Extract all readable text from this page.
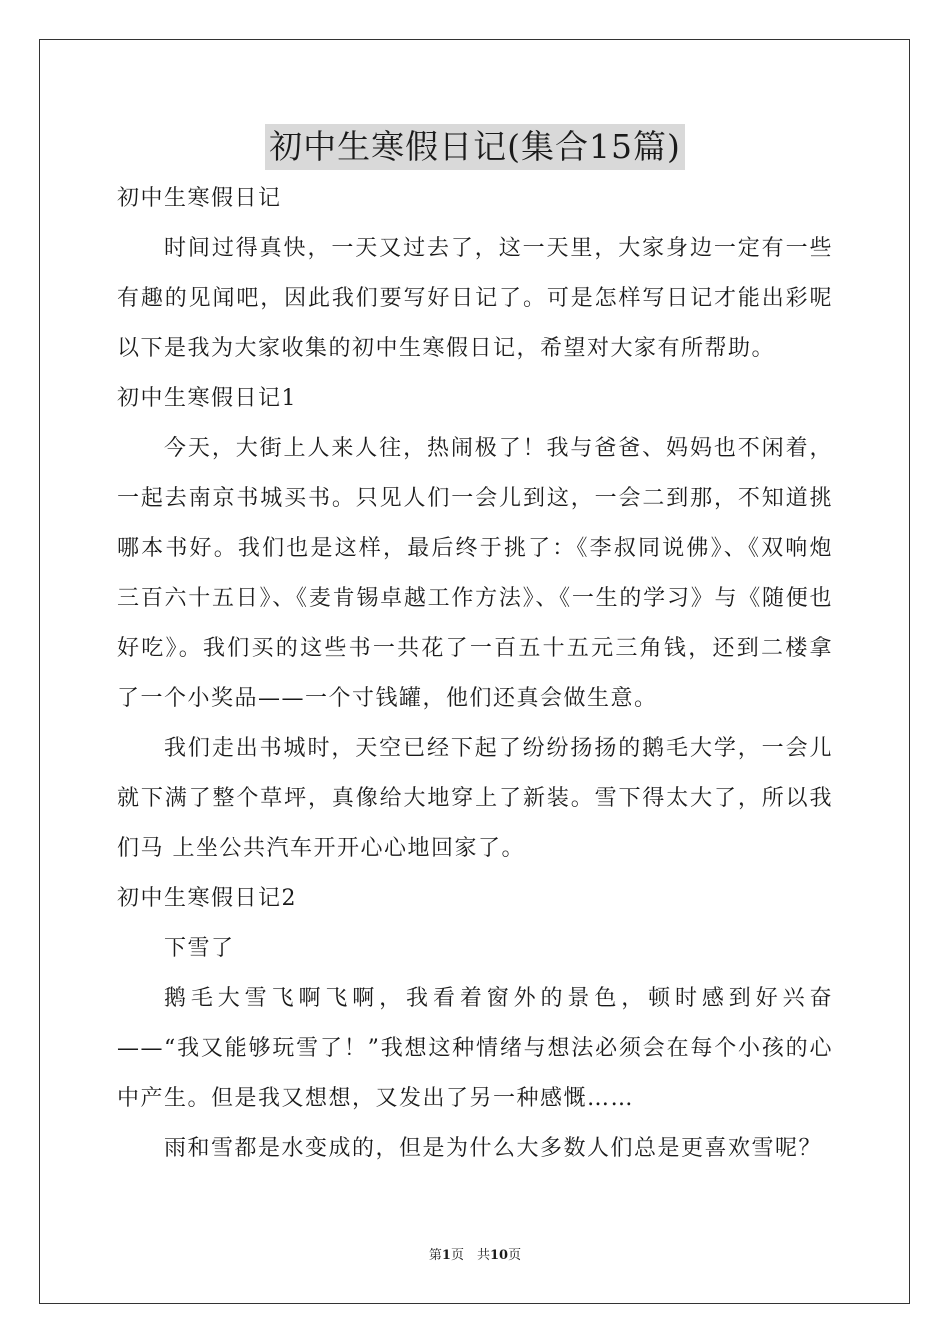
初中生寒假日记(集合15篇)

初中生寒假日记

时间过得真快，一天又过去了，这一天里，大家身边一定有一些有趣的见闻吧，因此我们要写好日记了。可是怎样写日记才能出彩呢以下是我为大家收集的初中生寒假日记，希望对大家有所帮助。

初中生寒假日记1

今天，大街上人来人往，热闹极了！我与爸爸、妈妈也不闲着，一起去南京书城买书。只见人们一会儿到这，一会二到那，不知道挑哪本书好。我们也是这样，最后终于挑了：《李叔同说佛》、《双响炮三百六十五日》、《麦肯锡卓越工作方法》、《一生的学习》与《随便也好吃》。我们买的这些书一共花了一百五十五元三角钱，还到二楼拿了一个小奖品——一个寸钱罐，他们还真会做生意。

我们走出书城时，天空已经下起了纷纷扬扬的鹅毛大学，一会儿就下满了整个草坪，真像给大地穿上了新装。雪下得太大了，所以我们马 上坐公共汽车开开心心地回家了。

初中生寒假日记2

下雪了

鹅毛大雪飞啊飞啊，我看着窗外的景色，顿时感到好兴奋——“我又能够玩雪了！”我想这种情绪与想法必须会在每个小孩的心中产生。但是我又想想，又发出了另一种感慨……

雨和雪都是水变成的，但是为什么大多数人们总是更喜欢雪呢？

第1页　共10页
